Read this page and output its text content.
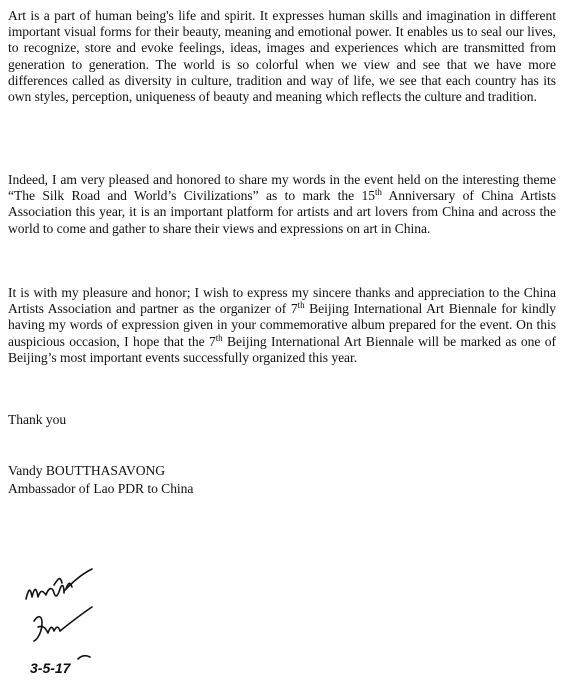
Art is a part of human being's life and spirit. It expresses human skills and imagination in different important visual forms for their beauty, meaning and emotional power. It enables us to seal our lives, to recognize, store and evoke feelings, ideas, images and experiences which are transmitted from generation to generation. The world is so colorful when we view and see that we have more differences called as diversity in culture, tradition and way of life, we see that each country has its own styles, perception, uniqueness of beauty and meaning which reflects the culture and tradition.

Indeed, I am very pleased and honored to share my words in the event held on the interesting theme “The Silk Road and World’s Civilizations” as to mark the 15th Anniversary of China Artists Association this year, it is an important platform for artists and art lovers from China and across the world to come and gather to share their views and expressions on art in China.

It is with my pleasure and honor; I wish to express my sincere thanks and appreciation to the China Artists Association and partner as the organizer of 7th Beijing International Art Biennale for kindly having my words of expression given in your commemorative album prepared for the event. On this auspicious occasion, I hope that the 7th Beijing International Art Biennale will be marked as one of Beijing’s most important events successfully organized this year.

Thank you

Vandy BOUTTHASAVONG

Ambassador of Lao PDR to China

3-5-17
